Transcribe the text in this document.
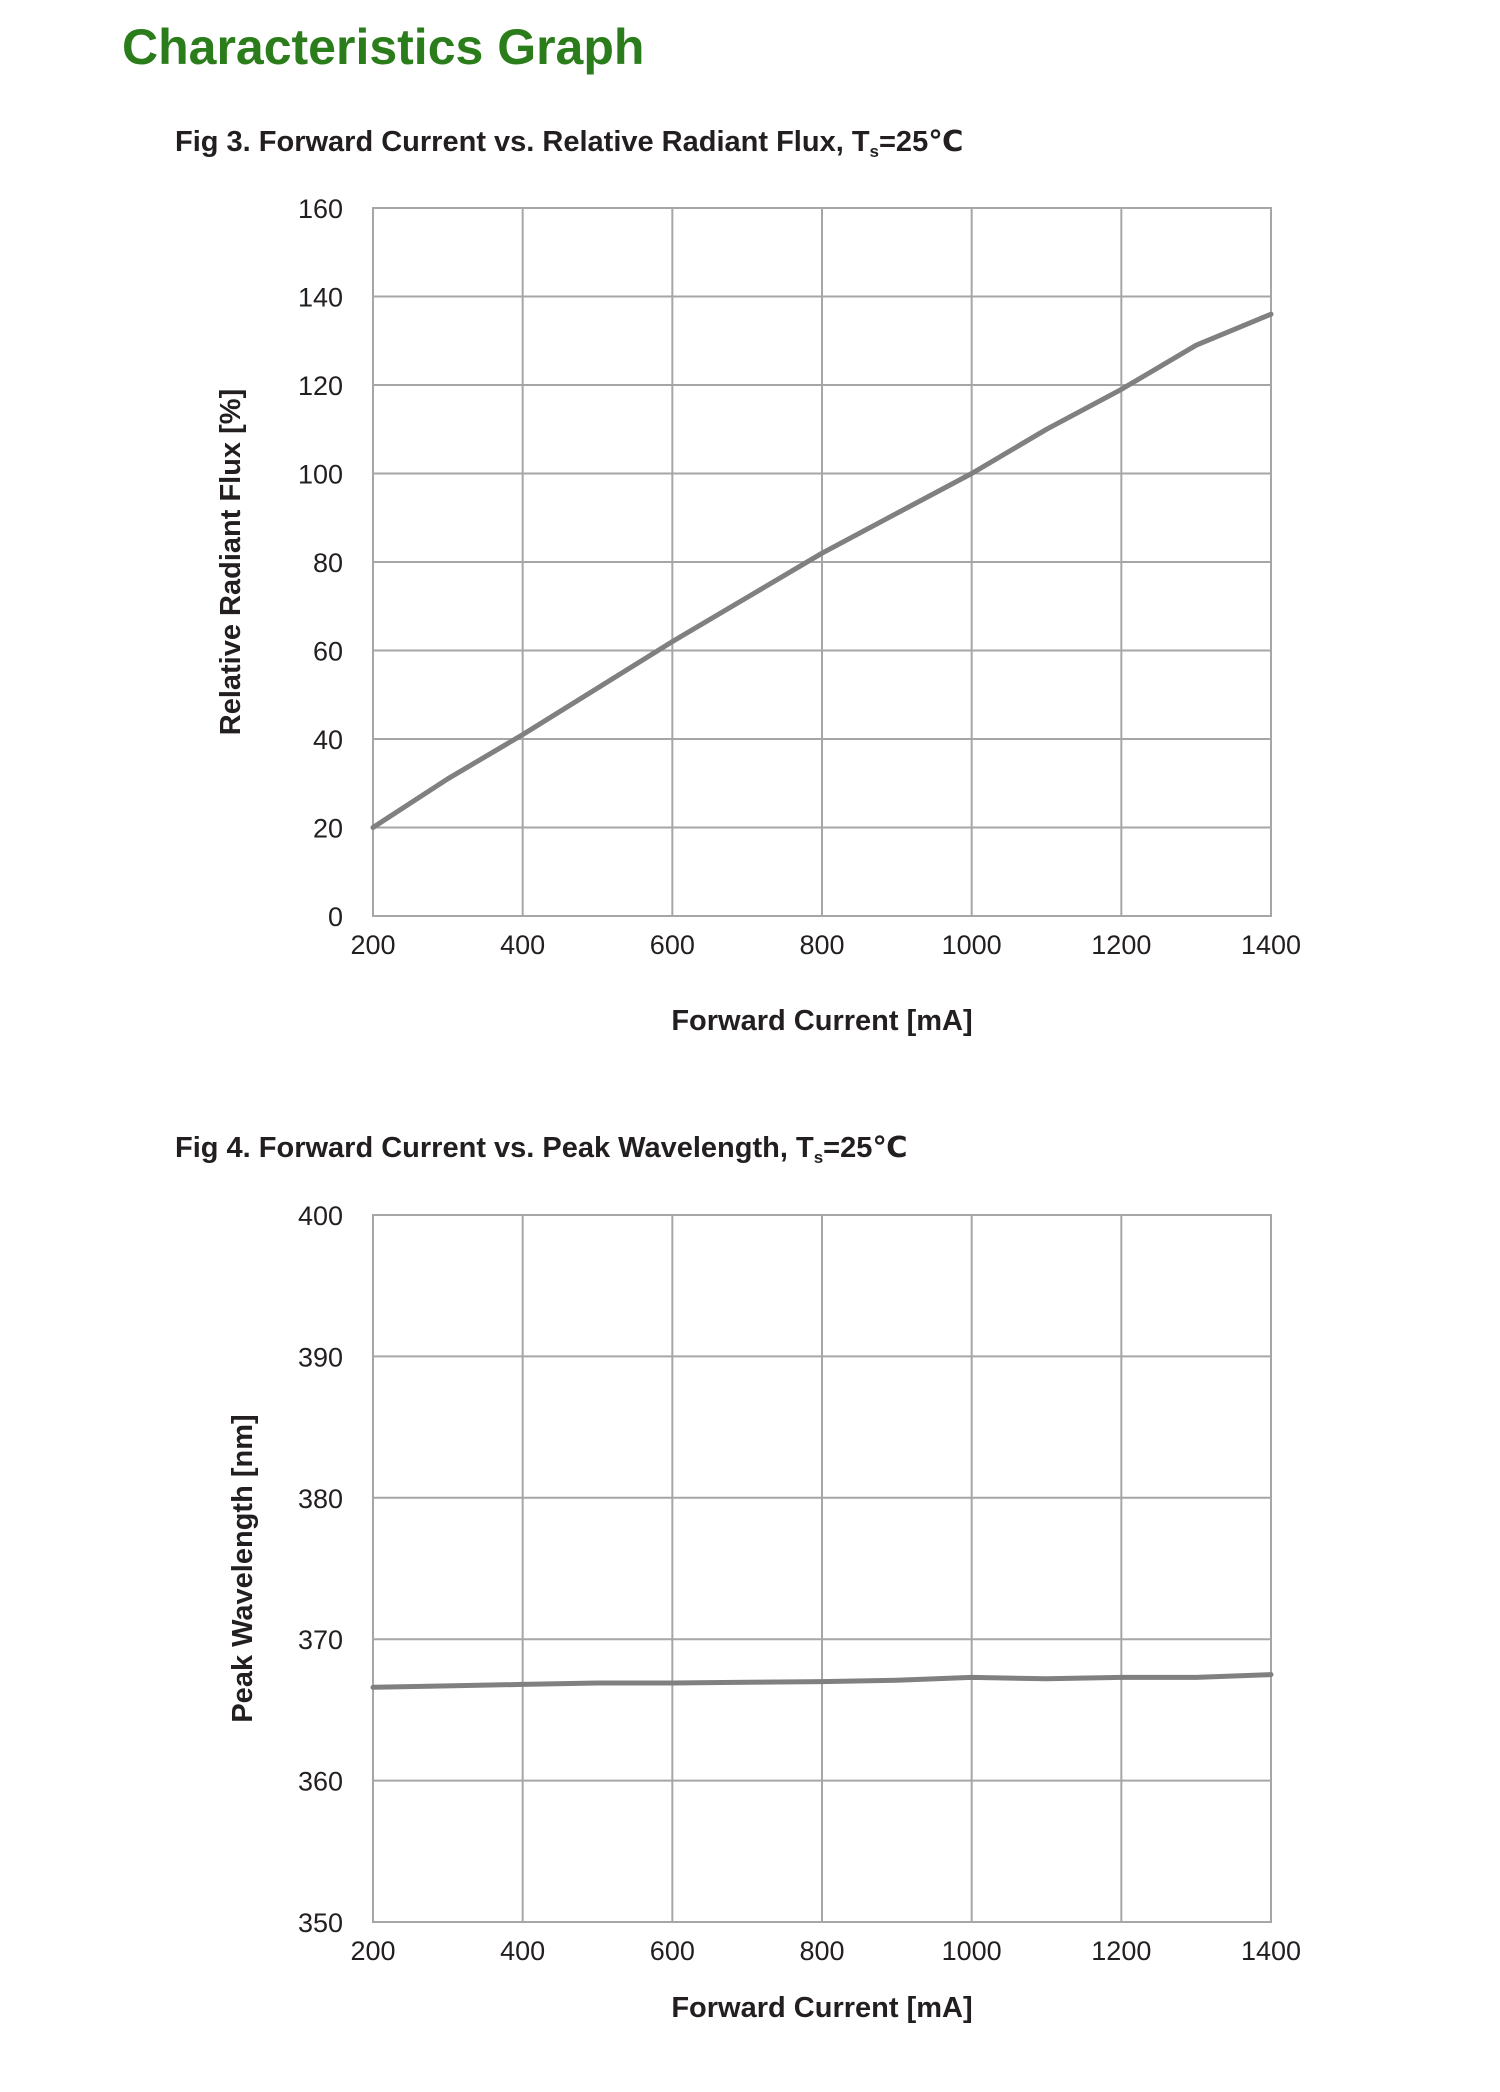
Characteristics Graph
Fig 3. Forward Current vs. Relative Radiant Flux, $T_s=25℃$
0
20
40
60
80
100
120
140
160
200	400	600	800	1000	1200	1400
Forward Current [mA]
Relative Radiant Flux [%]
Fig 4. Forward Current vs. Peak Wavelength, $T_s=25℃$
350
360
370
380
390
400
200	400	600	800	1000	1200	1400
Forward Current [mA]
Peak Wavelength [nm]
